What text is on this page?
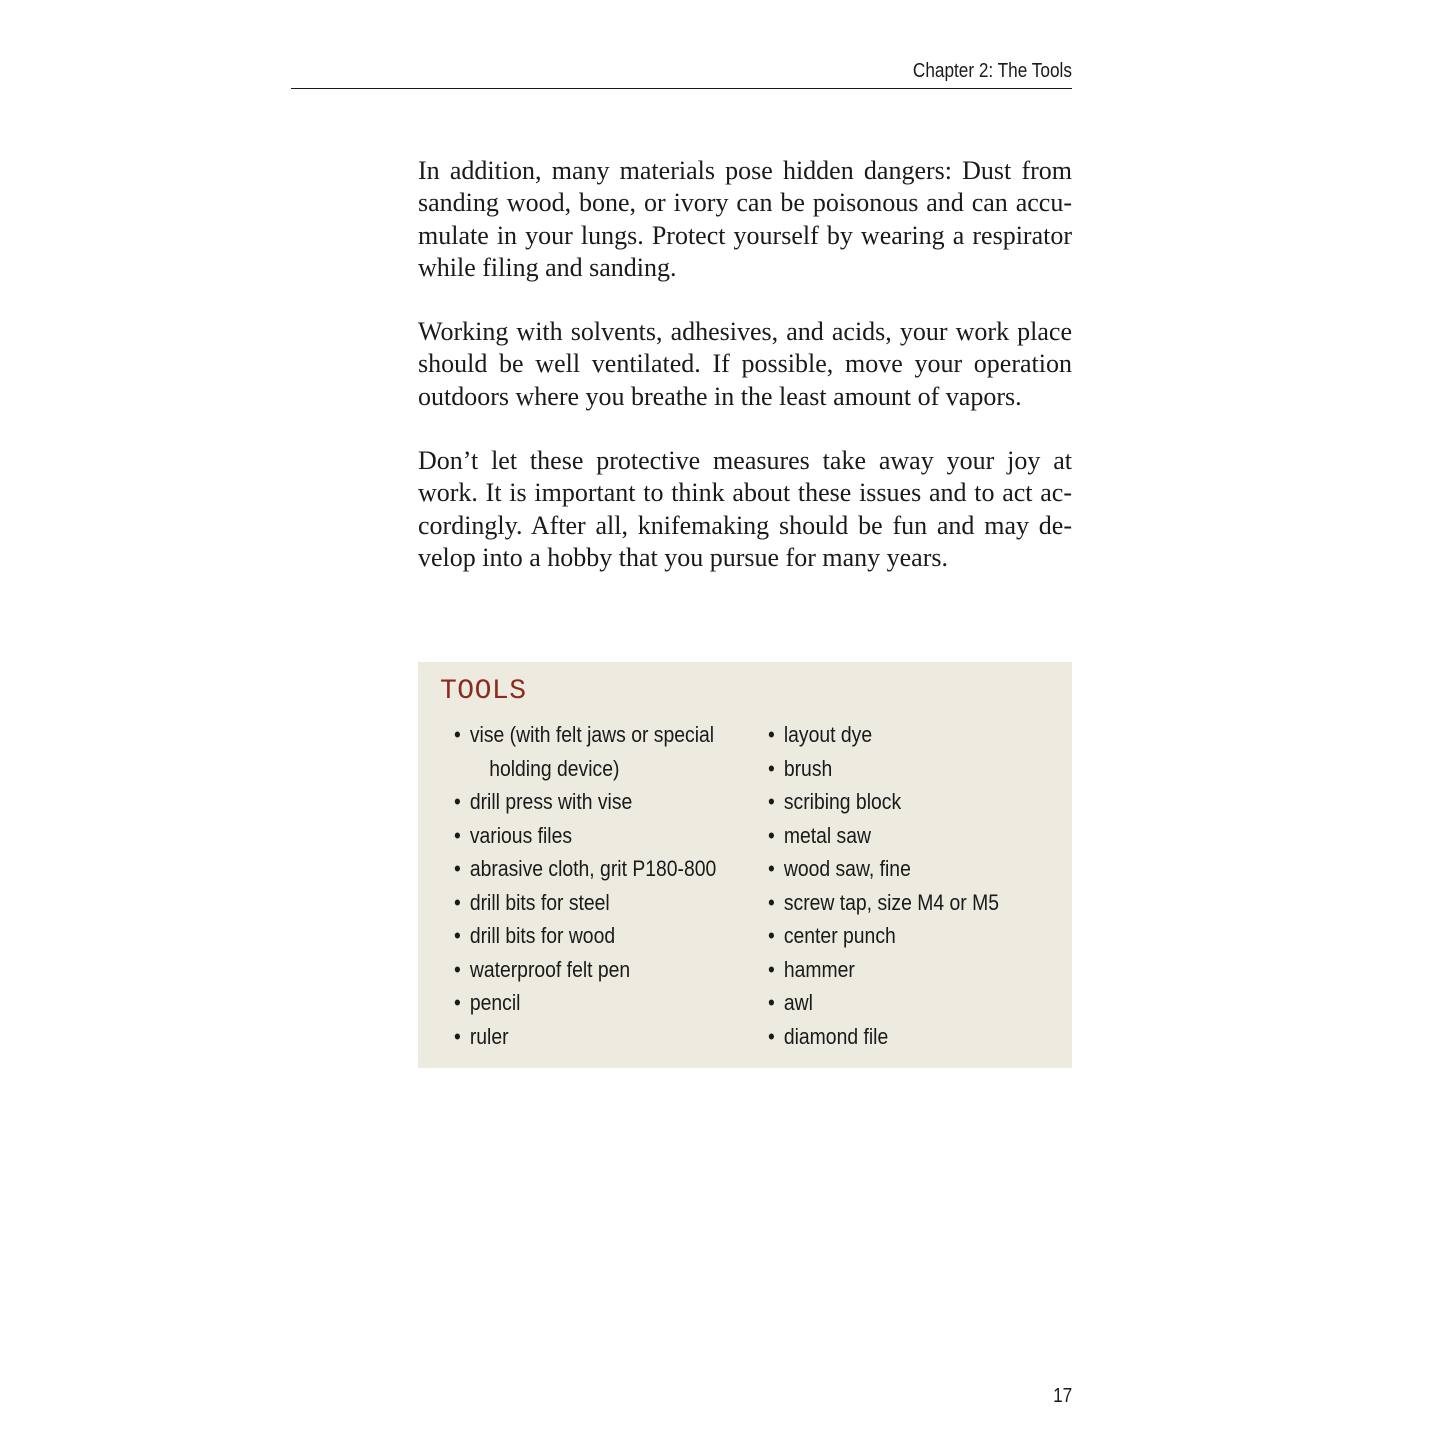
Chapter 2: The Tools

In addition, many materials pose hidden dangers: Dust from sanding wood, bone, or ivory can be poisonous and can accu-mulate in your lungs. Protect yourself by wearing a respirator while filing and sanding.

Working with solvents, adhesives, and acids, your work place should be well ventilated. If possible, move your operation outdoors where you breathe in the least amount of vapors.

Don’t let these protective measures take away your joy at work. It is important to think about these issues and to act ac-cordingly. After all, knifemaking should be fun and may de-velop into a hobby that you pursue for many years.

TOOLS
• vise (with felt jaws or special
holding device)
• drill press with vise
• various files
• abrasive cloth, grit P180-800
• drill bits for steel
• drill bits for wood
• waterproof felt pen
• pencil
• ruler
• layout dye
• brush
• scribing block
• metal saw
• wood saw, fine
• screw tap, size M4 or M5
• center punch
• hammer
• awl
• diamond file
17
